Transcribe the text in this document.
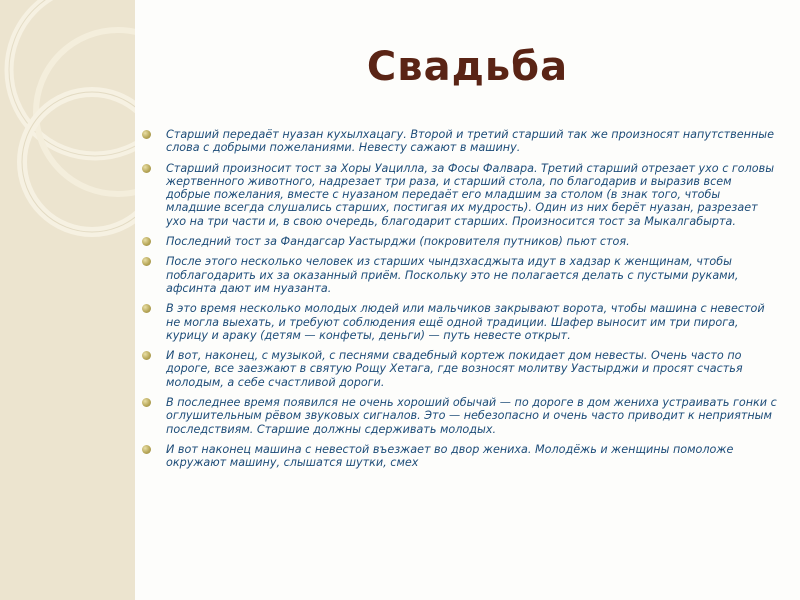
Свадьба
Старший передаёт нуазан кухылхацагу. Второй и третий старший так же произносят напутственные слова с добрыми пожеланиями. Невесту сажают в машину.
Старший произносит тост за Хоры Уацилла, за Фосы Фалвара. Третий старший отрезает ухо с головы жертвенного животного, надрезает три раза, и старший стола, по благодарив и выразив всем добрые пожелания, вместе с нуазаном передаёт его младшим за столом (в знак того, чтобы младшие всегда слушались старших, постигая их мудрость). Один из них берёт нуазан, разрезает ухо на три части и, в свою очередь, благодарит старших. Произносится тост за Мыкалгабырта.
Последний тост за Фандагсар Уастырджи (покровителя путников) пьют стоя.
После этого несколько человек из старших чындзхасджыта идут в хадзар к женщинам, чтобы поблагодарить их за оказанный приём. Поскольку это не полагается делать с пустыми руками, афсинта дают им нуазанта.
В это время несколько молодых людей или мальчиков закрывают ворота, чтобы машина с невестой не могла выехать, и требуют соблюдения ещё одной традиции. Шафер выносит им три пирога, курицу и араку (детям — конфеты, деньги) — путь невесте открыт.
И вот, наконец, с музыкой, с песнями свадебный кортеж покидает дом невесты. Очень часто по дороге, все заезжают в святую Рощу Хетага, где возносят молитву Уастырджи и просят счастья молодым, а себе счастливой дороги.
В последнее время появился не очень хороший обычай — по дороге в дом жениха устраивать гонки с оглушительным рёвом звуковых сигналов. Это — небезопасно и очень часто приводит к неприятным последствиям. Старшие должны сдерживать молодых.
И вот наконец машина с невестой въезжает во двор жениха. Молодёжь и женщины помоложе окружают машину, слышатся шутки, смех
